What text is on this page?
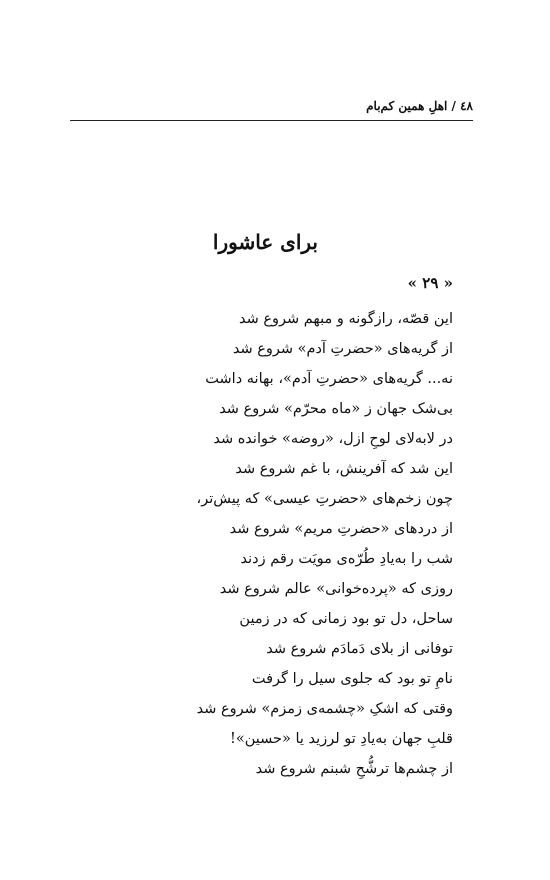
٤٨ / اهلِ همین کم‌بام
برای عاشورا
« ۲۹ »
این قصّه، رازگونه و مبهم شروع شد
از گریه‌های «حضرتِ آدم» شروع شد
نه... گریه‌های «حضرتِ آدم»، بهانه داشت
بی‌شک جهان ز «ماه محرّم» شروع شد
در لابه‌لای لوحِ ازل، «روضه» خوانده شد
این شد که آفرینش، با غم شروع شد
چون زخم‌های «حضرتِ عیسی» که پیش‌تر،
از دردهای «حضرتِ مریم» شروع شد
شب را به‌یادِ طُرّه‌ی مویَت رقم زدند
روزی که «پرده‌خوانی» عالم شروع شد
ساحل، دل تو بود زمانی که در زمین
توفانی از بلای دَمادَم شروع شد
نامِ تو بود که جلوی سیل را گرفت
وقتی که اشکِ «چشمه‌ی زمزم» شروع شد
قلبِ جهان به‌یادِ تو لرزید یا «حسین»!
از چشم‌ها ترشُّحِ شبنم شروع شد
